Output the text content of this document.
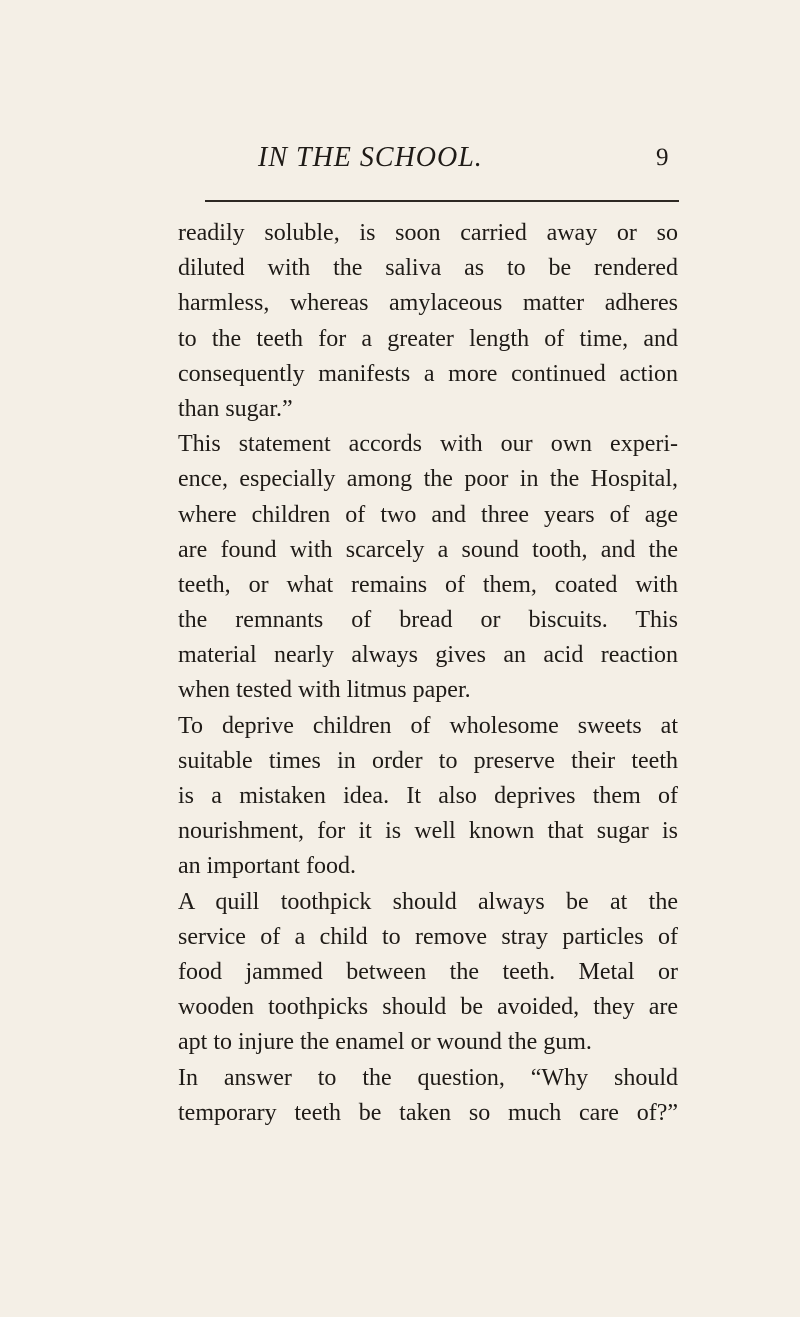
IN THE SCHOOL.	9
readily soluble, is soon carried away or so
diluted with the saliva as to be rendered
harmless, whereas amylaceous matter adheres
to the teeth for a greater length of time, and
consequently manifests a more continued action
than sugar.”
This statement accords with our own experi-
ence, especially among the poor in the Hospital,
where children of two and three years of age
are found with scarcely a sound tooth, and the
teeth, or what remains of them, coated with
the remnants of bread or biscuits. This
material nearly always gives an acid reaction
when tested with litmus paper.
To deprive children of wholesome sweets at
suitable times in order to preserve their teeth
is a mistaken idea. It also deprives them of
nourishment, for it is well known that sugar is
an important food.
A quill toothpick should always be at the
service of a child to remove stray particles of
food jammed between the teeth. Metal or
wooden toothpicks should be avoided, they are
apt to injure the enamel or wound the gum.
In answer to the question, “Why should
temporary teeth be taken so much care of?”
